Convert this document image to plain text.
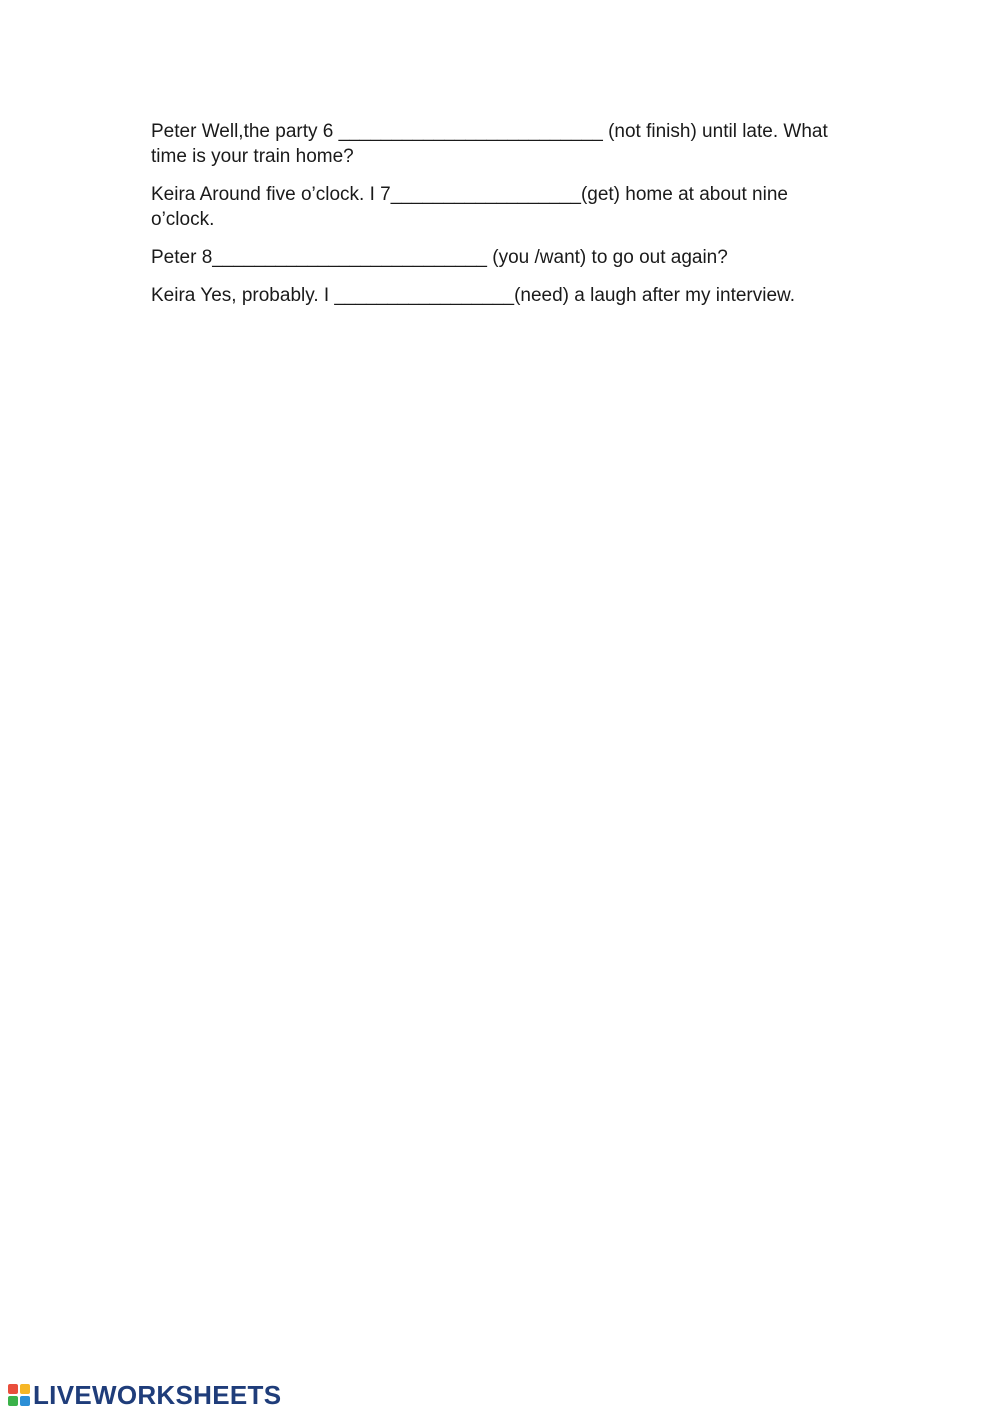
Peter Well,the party 6 _________________________ (not finish) until late. What time is your train home?

Keira Around five o’clock. I 7__________________(get) home at about nine o’clock.

Peter 8__________________________ (you /want) to go out again?

Keira Yes, probably. I _________________(need) a laugh after my interview.

LIVEWORKSHEETS
